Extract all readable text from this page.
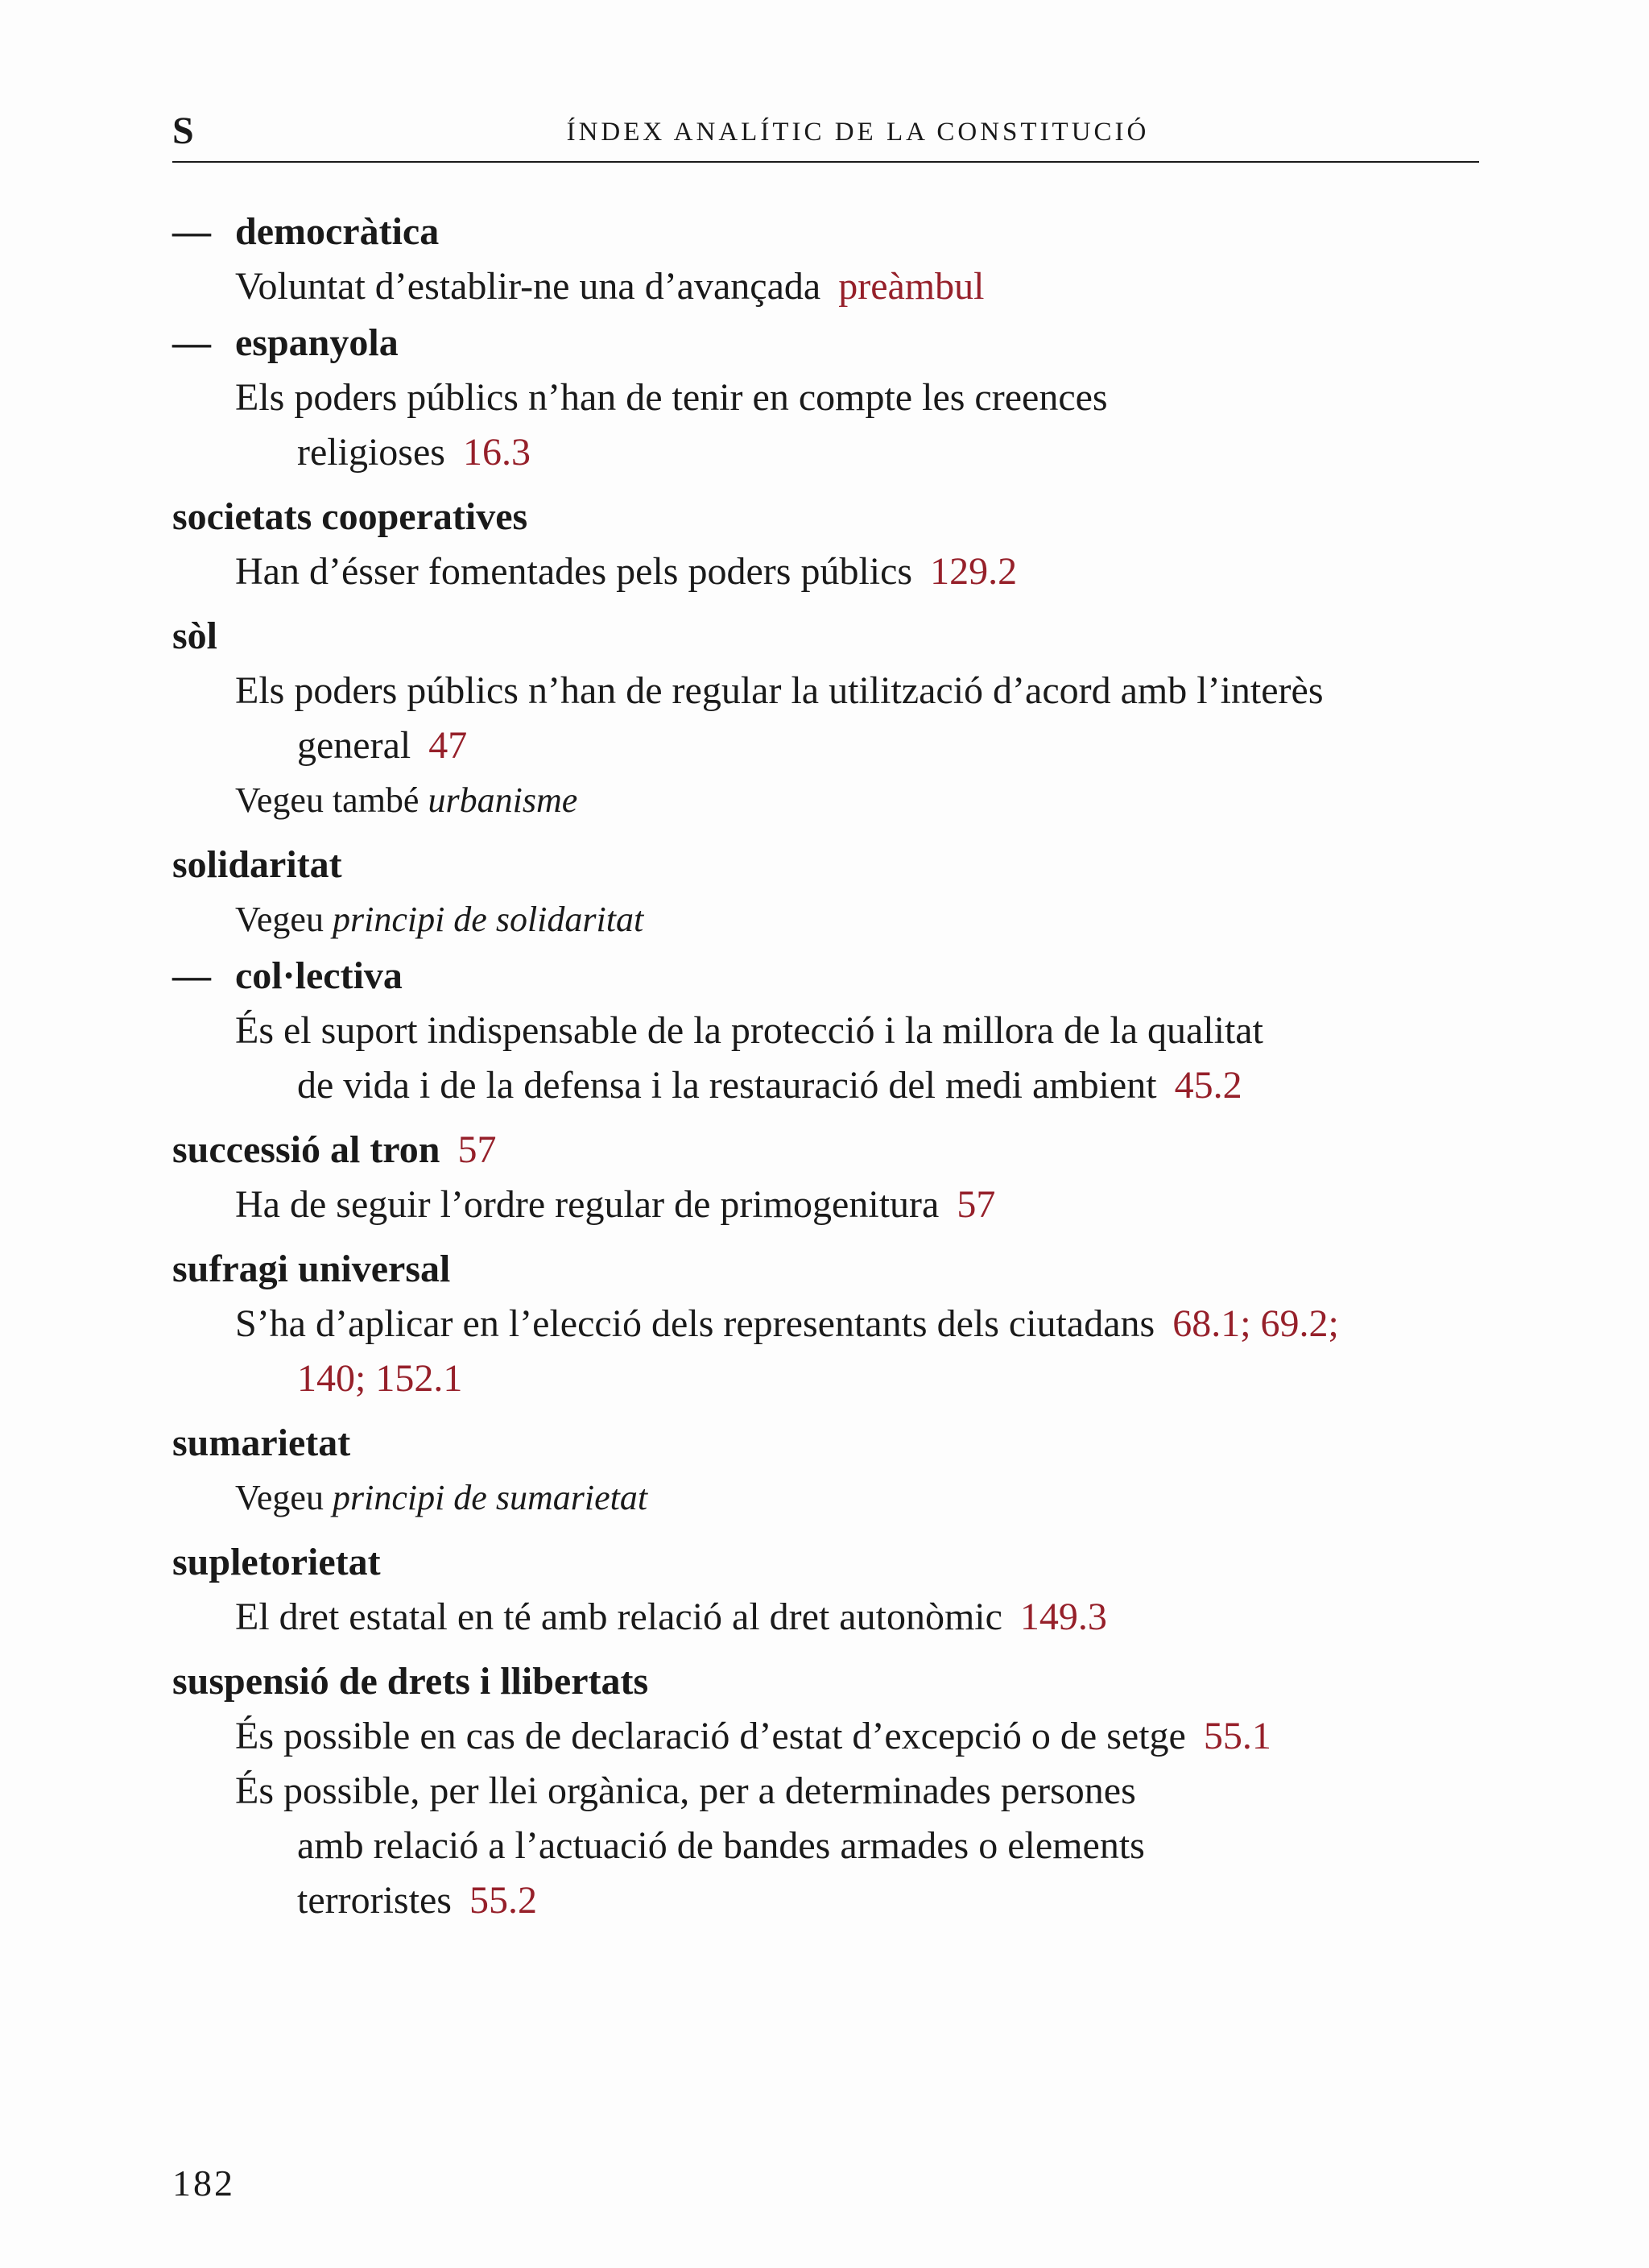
S	ÍNDEX ANALÍTIC DE LA CONSTITUCIÓ
— democràtica
Voluntat d’establir-ne una d’avançada preàmbul
— espanyola
Els poders públics n’han de tenir en compte les creences
religioses 16.3
societats cooperatives
Han d’ésser fomentades pels poders públics 129.2
sòl
Els poders públics n’han de regular la utilització d’acord amb l’interès
general 47
Vegeu també urbanisme
solidaritat
Vegeu principi de solidaritat
— col·lectiva
És el suport indispensable de la protecció i la millora de la qualitat
de vida i de la defensa i la restauració del medi ambient 45.2
successió al tron 57
Ha de seguir l’ordre regular de primogenitura 57
sufragi universal
S’ha d’aplicar en l’elecció dels representants dels ciutadans 68.1; 69.2;
140; 152.1
sumarietat
Vegeu principi de sumarietat
supletorietat
El dret estatal en té amb relació al dret autonòmic 149.3
suspensió de drets i llibertats
És possible en cas de declaració d’estat d’excepció o de setge 55.1
És possible, per llei orgànica, per a determinades persones
amb relació a l’actuació de bandes armades o elements
terroristes 55.2
182
